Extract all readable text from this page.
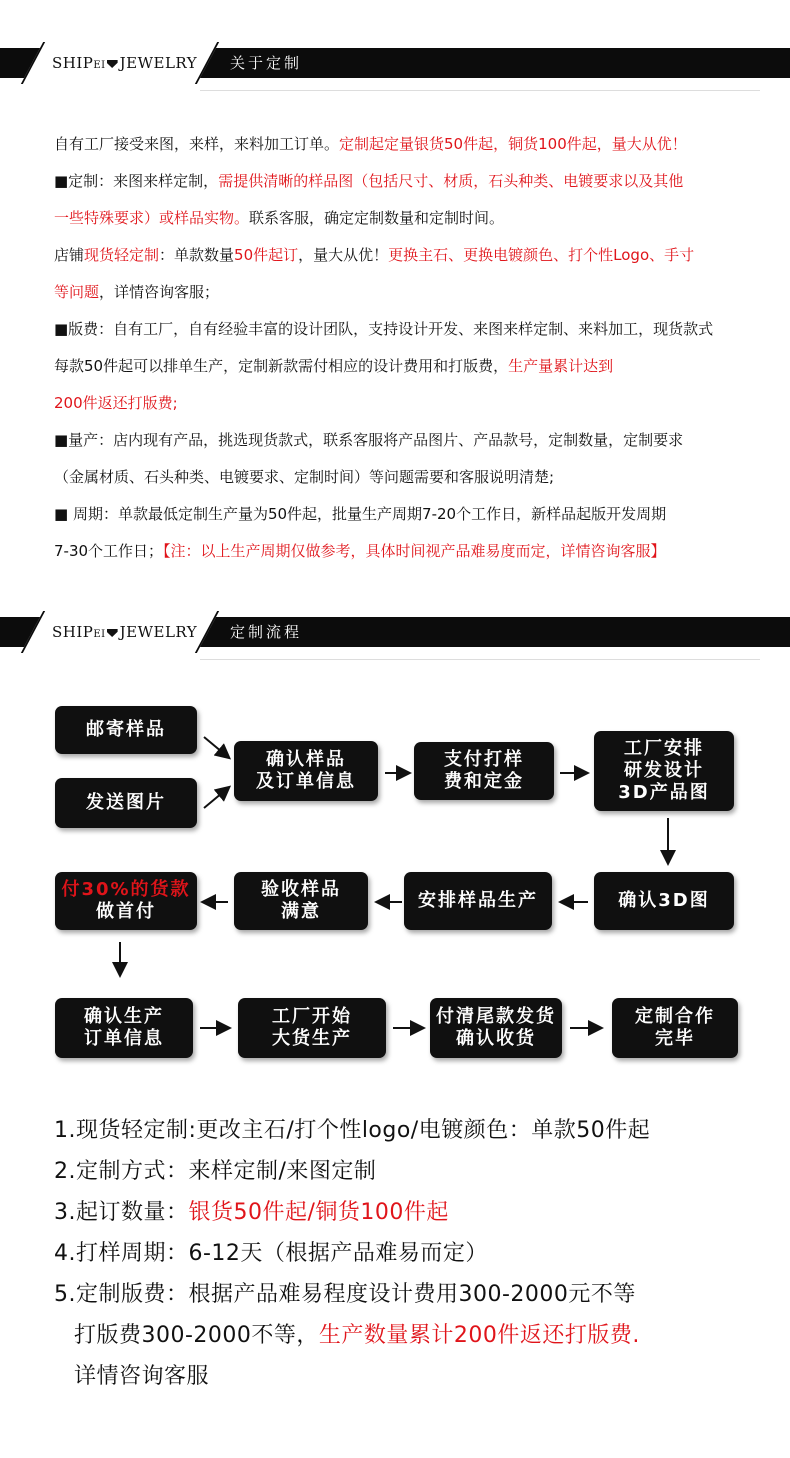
SHIPEI JEWELRY 关于定制
自有工厂接受来图，来样，来料加工订单。定制起定量银货50件起，铜货100件起，量大从优！
■定制：来图来样定制，需提供清晰的样品图（包括尺寸、材质，石头种类、电镀要求以及其他
一些特殊要求）或样品实物。联系客服，确定定制数量和定制时间。
店铺现货轻定制：单款数量50件起订，量大从优！更换主石、更换电镀颜色、打个性Logo、手寸
等问题，详情咨询客服；
■版费：自有工厂，自有经验丰富的设计团队，支持设计开发、来图来样定制、来料加工，现货款式
每款50件起可以排单生产，定制新款需付相应的设计费用和打版费，生产量累计达到
200件返还打版费;
■量产：店内现有产品，挑选现货款式，联系客服将产品图片、产品款号，定制数量，定制要求
（金属材质、石头种类、电镀要求、定制时间）等问题需要和客服说明清楚;
■ 周期：单款最低定制生产量为50件起，批量生产周期7-20个工作日，新样品起版开发周期
7-30个工作日；【注：以上生产周期仅做参考，具体时间视产品难易度而定，详情咨询客服】
SHIPEI JEWELRY 定制流程
邮寄样品
发送图片
确认样品
及订单信息
支付打样
费和定金
工厂安排
研发设计
3D产品图
确认3D图
安排样品生产
验收样品
满意
付30%的货款
做首付
确认生产
订单信息
工厂开始
大货生产
付清尾款发货
确认收货
定制合作
完毕
1.现货轻定制:更改主石/打个性logo/电镀颜色：单款50件起
2.定制方式：来样定制/来图定制
3.起订数量：银货50件起/铜货100件起
4.打样周期：6-12天（根据产品难易而定）
5.定制版费：根据产品难易程度设计费用300-2000元不等
打版费300-2000不等，生产数量累计200件返还打版费.
详情咨询客服
